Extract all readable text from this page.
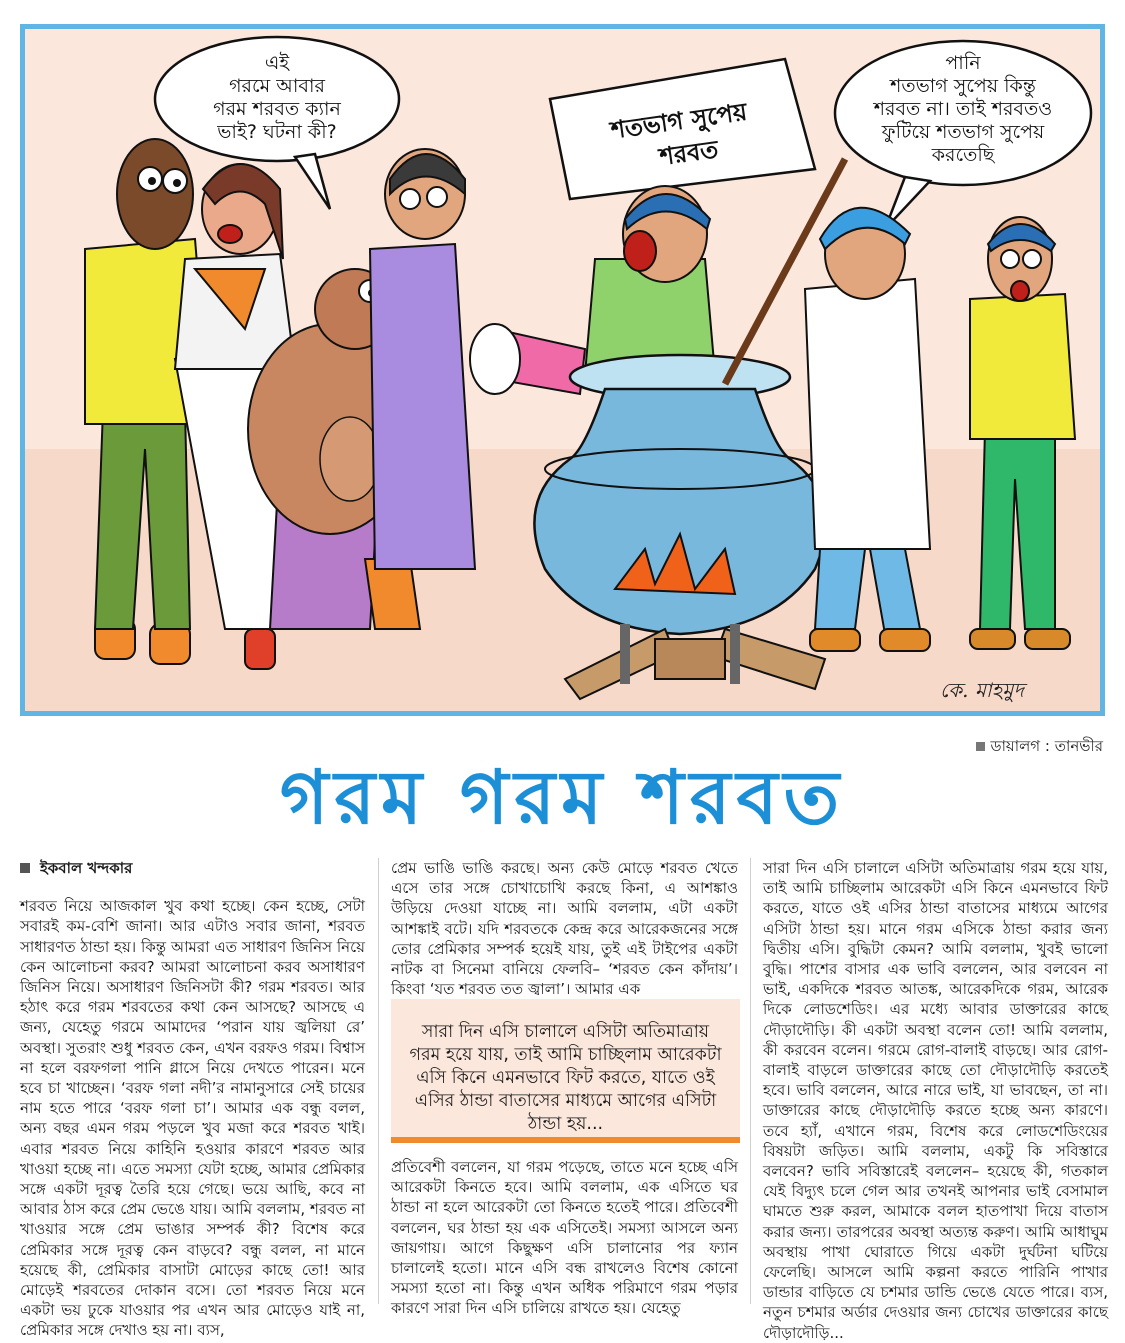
এই
গরমে আবার
গরম শরবত ক্যান
ভাই? ঘটনা কী?
পানি
শতভাগ সুপেয় কিন্তু
শরবত না। তাই শরবতও
ফুটিয়ে শতভাগ সুপেয়
করতেছি
শতভাগ সুপেয়
শরবত
কে. মাহমুদ
ডায়ালগ : তানভীর
গরম গরম শরবত
ইকবাল খন্দকার

শরবত নিয়ে আজকাল খুব কথা হচ্ছে। কেন হচ্ছে, সেটা সবারই কম-বেশি জানা। আর এটাও সবার জানা, শরবত সাধারণত ঠান্ডা হয়। কিন্তু আমরা এত সাধারণ জিনিস নিয়ে কেন আলোচনা করব? আমরা আলোচনা করব অসাধারণ জিনিস নিয়ে। অসাধারণ জিনিসটা কী? গরম শরবত। আর হঠাৎ করে গরম শরবতের কথা কেন আসছে? আসছে এ জন্য, যেহেতু গরমে আমাদের ‘পরান যায় জ্বলিয়া রে’ অবস্থা। সুতরাং শুধু শরবত কেন, এখন বরফও গরম। বিশ্বাস না হলে বরফগলা পানি গ্লাসে নিয়ে দেখতে পারেন। মনে হবে চা খাচ্ছেন। ‘বরফ গলা নদী’র নামানুসারে সেই চায়ের নাম হতে পারে ‘বরফ গলা চা’। আমার এক বন্ধু বলল, অন্য বছর এমন গরম পড়লে খুব মজা করে শরবত খাই। এবার শরবত নিয়ে কাহিনি হওয়ার কারণে শরবত আর খাওয়া হচ্ছে না। এতে সমস্যা যেটা হচ্ছে, আমার প্রেমিকার সঙ্গে একটা দূরত্ব তৈরি হয়ে গেছে। ভয়ে আছি, কবে না আবার ঠাস করে প্রেম ভেঙে যায়। আমি বললাম, শরবত না খাওয়ার সঙ্গে প্রেম ভাঙার সম্পর্ক কী? বিশেষ করে প্রেমিকার সঙ্গে দূরত্ব কেন বাড়বে? বন্ধু বলল, না মানে হয়েছে কী, প্রেমিকার বাসাটা মোড়ের কাছে তো! আর মোড়েই শরবতের দোকান বসে। তো শরবত নিয়ে মনে একটা ভয় ঢুকে যাওয়ার পর এখন আর মোড়েও যাই না, প্রেমিকার সঙ্গে দেখাও হয় না। ব্যস,

প্রেম ভাঙি ভাঙি করছে। অন্য কেউ মোড়ে শরবত খেতে এসে তার সঙ্গে চোখাচোখি করছে কিনা, এ আশঙ্কাও উড়িয়ে দেওয়া যাচ্ছে না। আমি বললাম, এটা একটা আশঙ্কাই বটে। যদি শরবতকে কেন্দ্র করে আরেকজনের সঙ্গে তোর প্রেমিকার সম্পর্ক হয়েই যায়, তুই এই টাইপের একটা নাটক বা সিনেমা বানিয়ে ফেলবি– ‘শরবত কেন কাঁদায়’। কিংবা ‘যত শরবত তত জ্বালা’। আমার এক

সারা দিন এসি চালালে এসিটা অতিমাত্রায় গরম হয়ে যায়, তাই আমি চাচ্ছিলাম আরেকটা এসি কিনে এমনভাবে ফিট করতে, যাতে ওই এসির ঠান্ডা বাতাসের মাধ্যমে আগের এসিটা ঠান্ডা হয়...

প্রতিবেশী বললেন, যা গরম পড়েছে, তাতে মনে হচ্ছে এসি আরেকটা কিনতে হবে। আমি বললাম, এক এসিতে ঘর ঠান্ডা না হলে আরেকটা তো কিনতে হতেই পারে। প্রতিবেশী বললেন, ঘর ঠান্ডা হয় এক এসিতেই। সমস্যা আসলে অন্য জায়গায়। আগে কিছুক্ষণ এসি চালানোর পর ফ্যান চালালেই হতো। মানে এসি বন্ধ রাখলেও বিশেষ কোনো সমস্যা হতো না। কিন্তু এখন অধিক পরিমাণে গরম পড়ার কারণে সারা দিন এসি চালিয়ে রাখতে হয়। যেহেতু

সারা দিন এসি চালালে এসিটা অতিমাত্রায় গরম হয়ে যায়, তাই আমি চাচ্ছিলাম আরেকটা এসি কিনে এমনভাবে ফিট করতে, যাতে ওই এসির ঠান্ডা বাতাসের মাধ্যমে আগের এসিটা ঠান্ডা হয়। মানে গরম এসিকে ঠান্ডা করার জন্য দ্বিতীয় এসি। বুদ্ধিটা কেমন? আমি বললাম, খুবই ভালো বুদ্ধি। পাশের বাসার এক ভাবি বললেন, আর বলবেন না ভাই, একদিকে শরবত আতঙ্ক, আরেকদিকে গরম, আরেক দিকে লোডশেডিং। এর মধ্যে আবার ডাক্তারের কাছে দৌড়াদৌড়ি। কী একটা অবস্থা বলেন তো! আমি বললাম, কী করবেন বলেন। গরমে রোগ-বালাই বাড়ছে। আর রোগ-বালাই বাড়লে ডাক্তারের কাছে তো দৌড়াদৌড়ি করতেই হবে। ভাবি বললেন, আরে নারে ভাই, যা ভাবছেন, তা না। ডাক্তারের কাছে দৌড়াদৌড়ি করতে হচ্ছে অন্য কারণে। তবে হ্যাঁ, এখানে গরম, বিশেষ করে লোডশেডিংয়ের বিষয়টা জড়িত। আমি বললাম, একটু কি সবিস্তারে বলবেন? ভাবি সবিস্তারেই বললেন– হয়েছে কী, গতকাল যেই বিদ্যুৎ চলে গেল আর তখনই আপনার ভাই বেসামাল ঘামতে শুরু করল, আমাকে বলল হাতপাখা দিয়ে বাতাস করার জন্য। তারপরের অবস্থা অত্যন্ত করুণ। আমি আধাঘুম অবস্থায় পাখা ঘোরাতে গিয়ে একটা দুর্ঘটনা ঘটিয়ে ফেলেছি। আসলে আমি কল্পনা করতে পারিনি পাখার ডান্ডার বাড়িতে যে চশমার ডান্ডি ভেঙে যেতে পারে। ব্যস, নতুন চশমার অর্ডার দেওয়ার জন্য চোখের ডাক্তারের কাছে দৌড়াদৌড়ি...
